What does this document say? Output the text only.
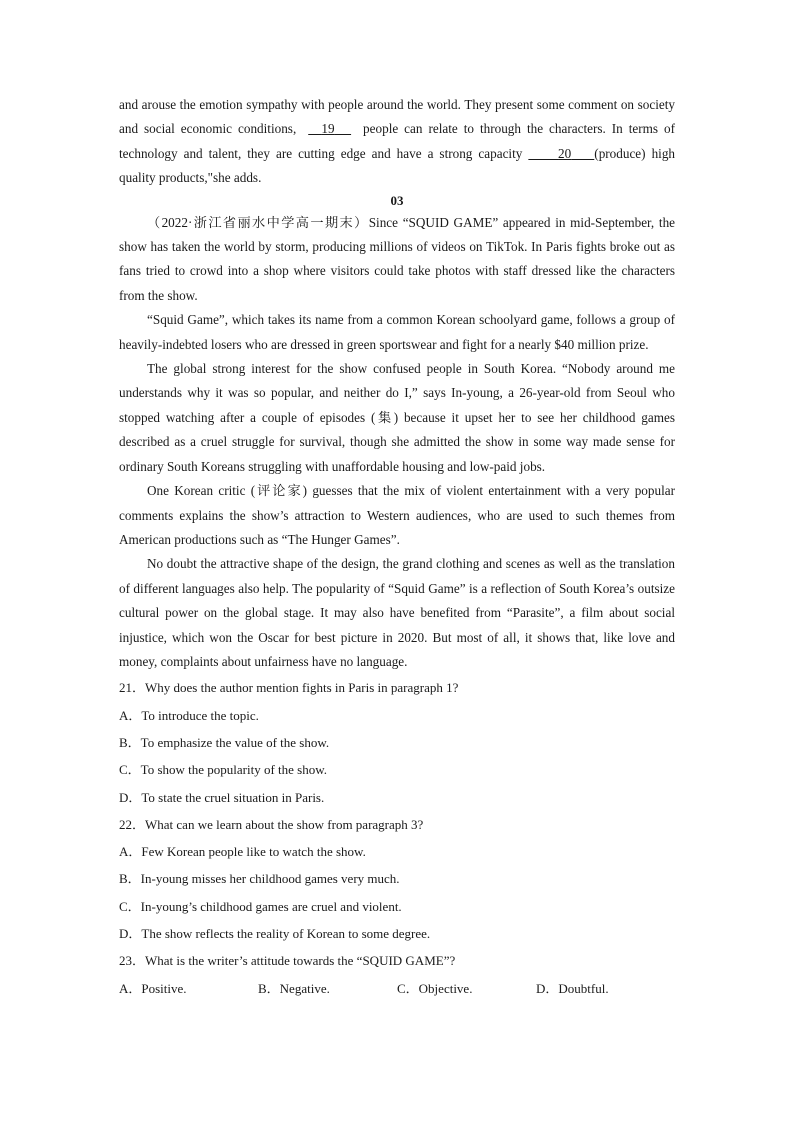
and arouse the emotion sympathy with people around the world. They present some comment on society and social economic conditions,     19      people can relate to through the characters. In terms of technology and talent, they are cutting edge and have a strong capacity          20 (produce) high quality products,"she adds.

03

（2022·浙江省丽水中学高一期末）Since “SQUID GAME” appeared in mid-September, the show has taken the world by storm, producing millions of videos on TikTok. In Paris fights broke out as fans tried to crowd into a shop where visitors could take photos with staff dressed like the characters from the show.

“Squid Game”, which takes its name from a common Korean schoolyard game, follows a group of heavily-indebted losers who are dressed in green sportswear and fight for a nearly $40 million prize.

The global strong interest for the show confused people in South Korea. “Nobody around me understands why it was so popular, and neither do I,” says In-young, a 26-year-old from Seoul who stopped watching after a couple of episodes (集) because it upset her to see her childhood games described as a cruel struggle for survival, though she admitted the show in some way made sense for ordinary South Koreans struggling with unaffordable housing and low-paid jobs.

One Korean critic (评论家) guesses that the mix of violent entertainment with a very popular comments explains the show’s attraction to Western audiences, who are used to such themes from American productions such as “The Hunger Games”.

No doubt the attractive shape of the design, the grand clothing and scenes as well as the translation of different languages also help. The popularity of “Squid Game” is a reflection of South Korea’s outsize cultural power on the global stage. It may also have benefited from “Parasite”, a film about social injustice, which won the Oscar for best picture in 2020. But most of all, it shows that, like love and money, complaints about unfairness have no language.

21．Why does the author mention fights in Paris in paragraph 1?

A．To introduce the topic.

B．To emphasize the value of the show.

C．To show the popularity of the show.

D．To state the cruel situation in Paris.

22．What can we learn about the show from paragraph 3?

A．Few Korean people like to watch the show.

B．In-young misses her childhood games very much.

C．In-young’s childhood games are cruel and violent.

D．The show reflects the reality of Korean to some degree.

23．What is the writer’s attitude towards the “SQUID GAME”?

A．Positive.	B．Negative.	C．Objective.	D．Doubtful.
